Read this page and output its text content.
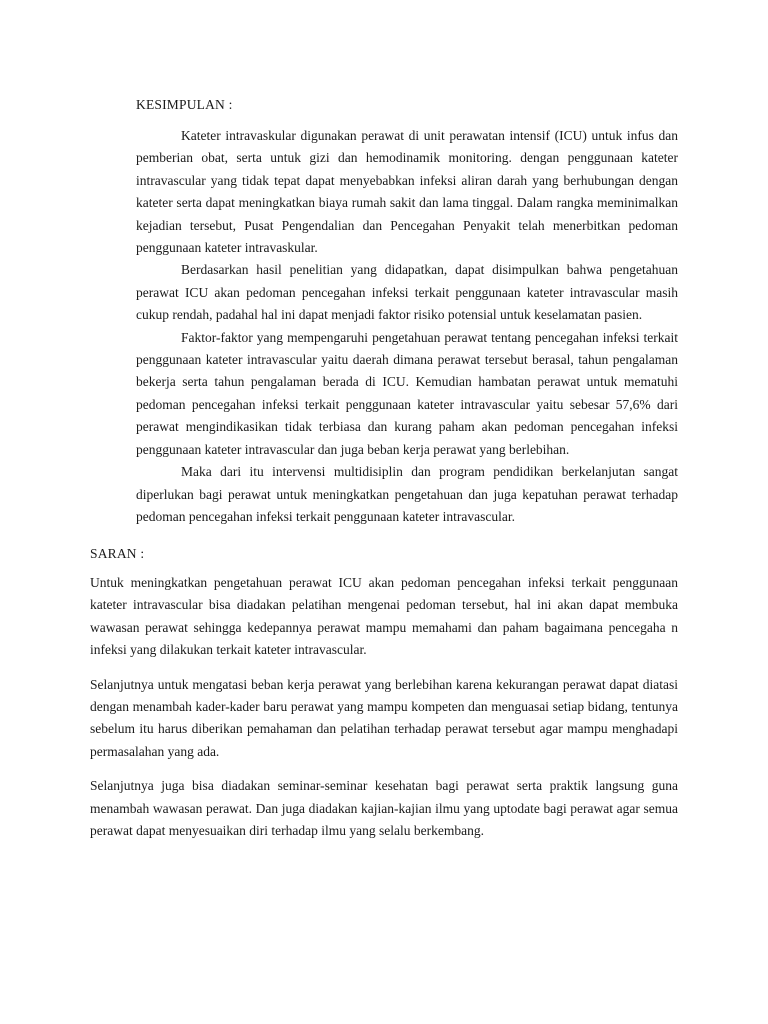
KESIMPULAN :

Kateter intravaskular digunakan perawat di unit perawatan intensif (ICU) untuk infus dan pemberian obat, serta untuk gizi dan hemodinamik monitoring. dengan penggunaan kateter intravascular yang tidak tepat dapat menyebabkan infeksi aliran darah yang berhubungan dengan kateter serta dapat meningkatkan biaya rumah sakit dan lama tinggal. Dalam rangka meminimalkan kejadian tersebut, Pusat Pengendalian dan Pencegahan Penyakit telah menerbitkan pedoman penggunaan kateter intravaskular.

Berdasarkan hasil penelitian yang didapatkan, dapat disimpulkan bahwa pengetahuan perawat ICU akan pedoman pencegahan infeksi terkait penggunaan kateter intravascular masih cukup rendah, padahal hal ini dapat menjadi faktor risiko potensial untuk keselamatan pasien.

Faktor-faktor yang mempengaruhi pengetahuan perawat tentang pencegahan infeksi terkait penggunaan kateter intravascular yaitu daerah dimana perawat tersebut berasal, tahun pengalaman bekerja serta tahun pengalaman berada di ICU. Kemudian hambatan perawat untuk mematuhi pedoman pencegahan infeksi terkait penggunaan kateter intravascular yaitu sebesar 57,6% dari perawat mengindikasikan tidak terbiasa dan kurang paham akan pedoman pencegahan infeksi penggunaan kateter intravascular dan juga beban kerja perawat yang berlebihan.

Maka dari itu intervensi multidisiplin dan program pendidikan berkelanjutan sangat diperlukan bagi perawat untuk meningkatkan pengetahuan dan juga kepatuhan perawat terhadap pedoman pencegahan infeksi terkait penggunaan kateter intravascular.

SARAN :

Untuk meningkatkan pengetahuan perawat ICU akan pedoman pencegahan infeksi terkait penggunaan kateter intravascular bisa diadakan pelatihan mengenai pedoman tersebut, hal ini akan dapat membuka wawasan perawat sehingga kedepannya perawat mampu memahami dan paham bagaimana pencegaha n infeksi yang dilakukan terkait kateter intravascular.

Selanjutnya untuk mengatasi beban kerja perawat yang berlebihan karena kekurangan perawat dapat diatasi dengan menambah kader-kader baru perawat yang mampu kompeten dan menguasai setiap bidang, tentunya sebelum itu harus diberikan pemahaman dan pelatihan terhadap perawat tersebut agar mampu menghadapi permasalahan yang ada.

Selanjutnya juga bisa diadakan seminar-seminar kesehatan bagi perawat serta praktik langsung guna menambah wawasan perawat. Dan juga diadakan kajian-kajian ilmu yang uptodate bagi perawat agar semua perawat dapat menyesuaikan diri terhadap ilmu yang selalu berkembang.
